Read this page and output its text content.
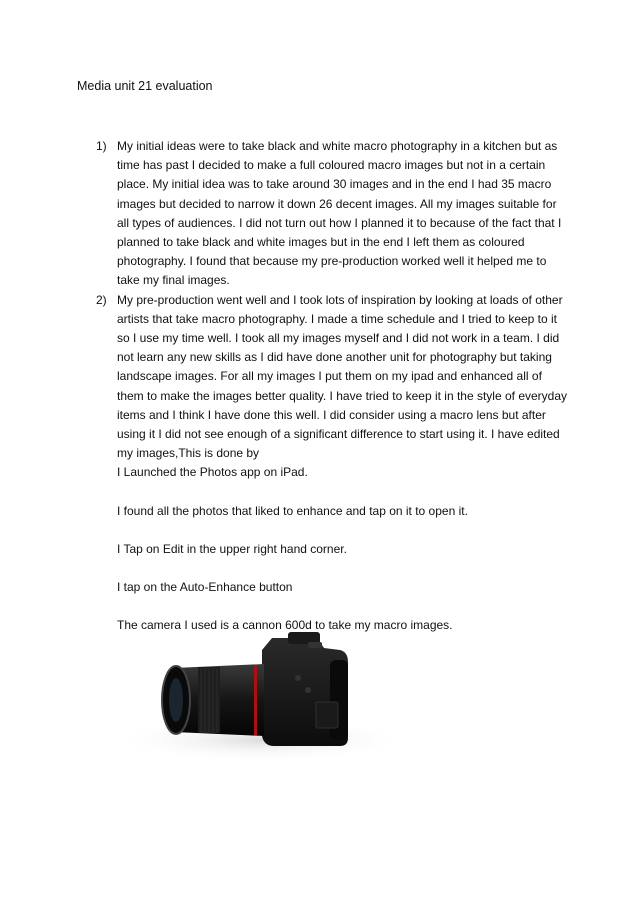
Media unit 21 evaluation
1) My initial ideas were to take black and white macro photography in a kitchen but as time has past I decided to make a full coloured macro images but not in a certain place. My initial idea was to take around 30 images and in the end I had 35 macro images but decided to narrow it down 26 decent images. All my images suitable for all types of audiences. I did not turn out how I planned it to because of the fact that I planned to take black and white images but in the end I left them as coloured photography. I found that because my pre-production worked well it helped me to take my final images.
2) My pre-production went well and I took lots of inspiration by looking at loads of other artists that take macro photography. I made a time schedule and I tried to keep to it so I use my time well. I took all my images myself and I did not work in a team. I did not learn any new skills as I did have done another unit for photography but taking landscape images. For all my images I put them on my ipad and enhanced all of them to make the images better quality. I have tried to keep it in the style of everyday items and I think I have done this well. I did consider using a macro lens but after using it I did not see enough of a significant difference to start using it. I have edited my images,This is done by
I Launched the Photos app on iPad.
I found all the photos that liked to enhance and tap on it to open it.
I Tap on Edit in the upper right hand corner.
I tap on the Auto-Enhance button
The camera I used is a cannon 600d to take my macro images.
